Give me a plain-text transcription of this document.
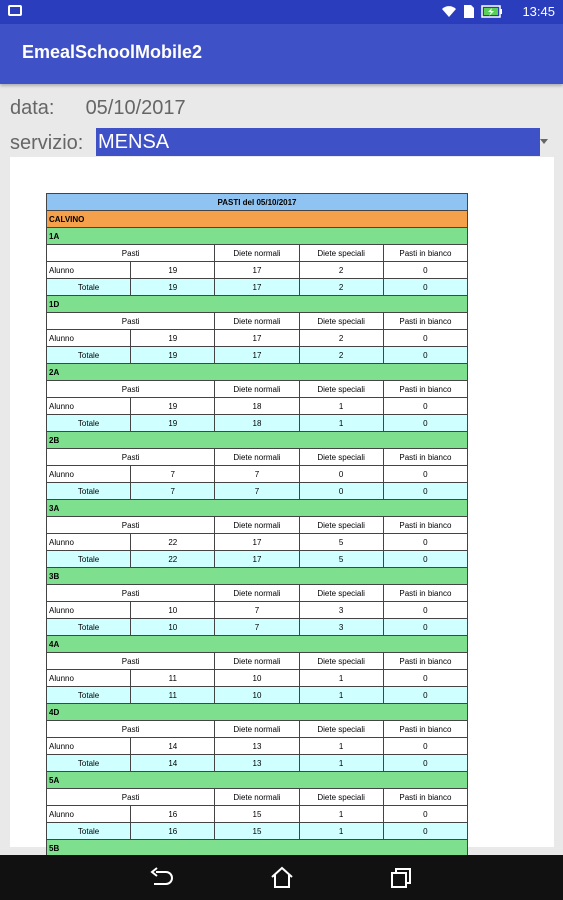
13:45
EmealSchoolMobile2
data: 05/10/2017
servizio: MENSA
PASTI del 05/10/2017				
CALVINO				
1A				
Pasti		Diete normali	Diete speciali	Pasti in bianco
Alunno	19	17	2	0
Totale	19	17	2	0
1D				
Pasti		Diete normali	Diete speciali	Pasti in bianco
Alunno	19	17	2	0
Totale	19	17	2	0
2A				
Pasti		Diete normali	Diete speciali	Pasti in bianco
Alunno	19	18	1	0
Totale	19	18	1	0
2B				
Pasti		Diete normali	Diete speciali	Pasti in bianco
Alunno	7	7	0	0
Totale	7	7	0	0
3A				
Pasti		Diete normali	Diete speciali	Pasti in bianco
Alunno	22	17	5	0
Totale	22	17	5	0
3B				
Pasti		Diete normali	Diete speciali	Pasti in bianco
Alunno	10	7	3	0
Totale	10	7	3	0
4A				
Pasti		Diete normali	Diete speciali	Pasti in bianco
Alunno	11	10	1	0
Totale	11	10	1	0
4D				
Pasti		Diete normali	Diete speciali	Pasti in bianco
Alunno	14	13	1	0
Totale	14	13	1	0
5A				
Pasti		Diete normali	Diete speciali	Pasti in bianco
Alunno	16	15	1	0
Totale	16	15	1	0
5B				
